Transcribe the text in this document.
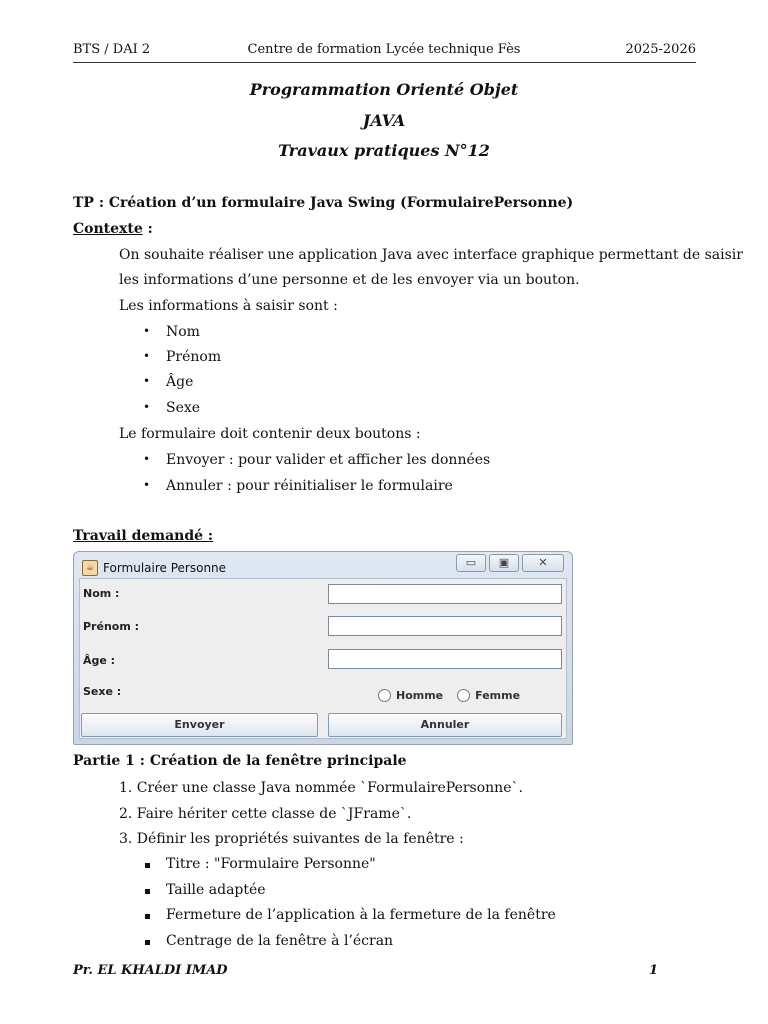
BTS / DAI 2	Centre de formation Lycée technique Fès	2025-2026
Programmation Orienté Objet
JAVA
Travaux pratiques N°12
TP : Création d’un formulaire Java Swing (FormulairePersonne)
Contexte :
On souhaite réaliser une application Java avec interface graphique permettant de saisir
les informations d’une personne et de les envoyer via un bouton.
Les informations à saisir sont :
• Nom
• Prénom
• Âge
• Sexe
Le formulaire doit contenir deux boutons :
• Envoyer : pour valider et afficher les données
• Annuler : pour réinitialiser le formulaire
Travail demandé :
☕ Formulaire Personne	▭	▣	✕
Nom :
Prénom :
Âge :
Sexe :	Homme	Femme
Envoyer	Annuler
Partie 1 : Création de la fenêtre principale
1. Créer une classe Java nommée `FormulairePersonne`.
2. Faire hériter cette classe de `JFrame`.
3. Définir les propriétés suivantes de la fenêtre :
Titre : "Formulaire Personne"
Taille adaptée
Fermeture de l’application à la fermeture de la fenêtre
Centrage de la fenêtre à l’écran
Pr. EL KHALDI IMAD	1
